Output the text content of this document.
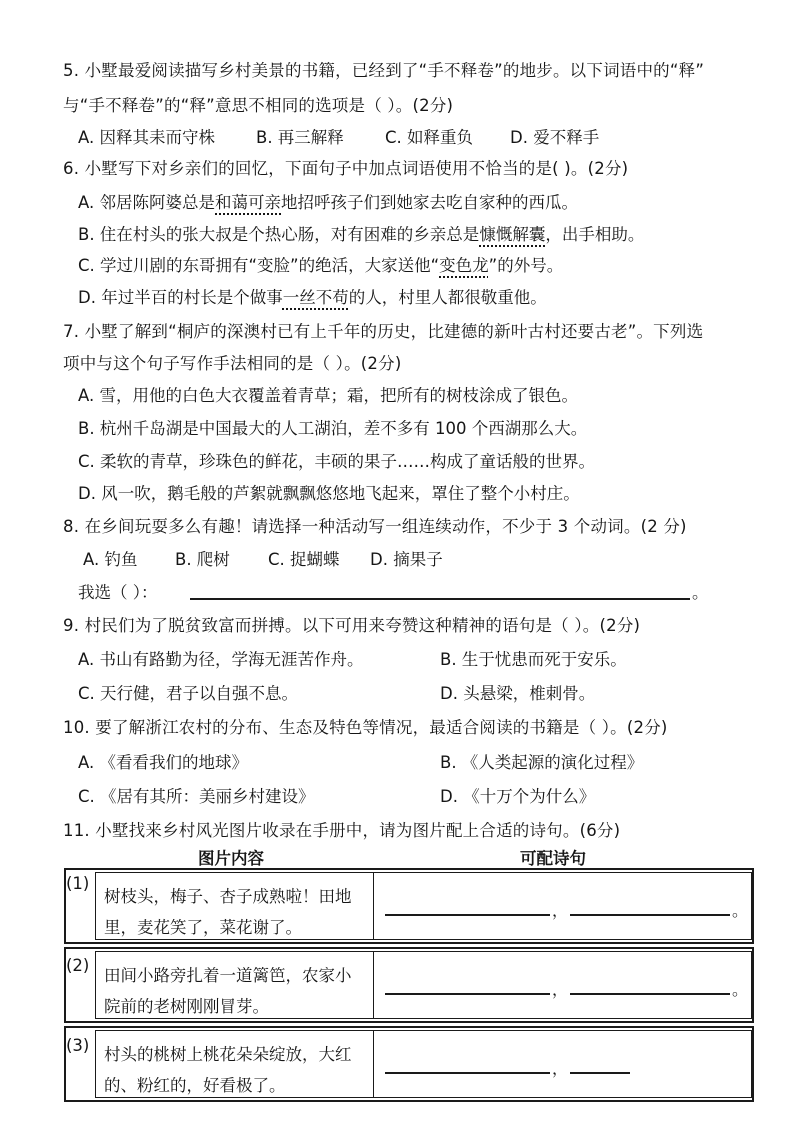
5. 小墅最爱阅读描写乡村美景的书籍，已经到了“手不释卷”的地步。以下词语中的“释”
与“手不释卷”的“释”意思不相同的选项是（ ）。(2分)
A. 因释其耒而守株 B. 再三解释 C. 如释重负 D. 爱不释手
6. 小墅写下对乡亲们的回忆，下面句子中加点词语使用不恰当的是( )。(2分)
A. 邻居陈阿婆总是和蔼可亲地招呼孩子们到她家去吃自家种的西瓜。
B. 住在村头的张大叔是个热心肠，对有困难的乡亲总是慷慨解囊，出手相助。
C. 学过川剧的东哥拥有“变脸”的绝活，大家送他“变色龙”的外号。
D. 年过半百的村长是个做事一丝不苟的人，村里人都很敬重他。
7. 小墅了解到“桐庐的深澳村已有上千年的历史，比建德的新叶古村还要古老”。下列选
项中与这个句子写作手法相同的是（ ）。(2分)
A. 雪，用他的白色大衣覆盖着青草；霜，把所有的树枝涂成了银色。
B. 杭州千岛湖是中国最大的人工湖泊，差不多有 100 个西湖那么大。
C. 柔软的青草，珍珠色的鲜花，丰硕的果子……构成了童话般的世界。
D. 风一吹，鹅毛般的芦絮就飘飘悠悠地飞起来，罩住了整个小村庄。
8. 在乡间玩耍多么有趣！请选择一种活动写一组连续动作，不少于 3 个动词。(2 分)
A. 钓鱼 B. 爬树 C. 捉蝴蝶 D. 摘果子
我选（ ）：	。
9. 村民们为了脱贫致富而拼搏。以下可用来夸赞这种精神的语句是（ ）。(2分)
A. 书山有路勤为径，学海无涯苦作舟。	B. 生于忧患而死于安乐。
C. 天行健，君子以自强不息。	D. 头悬梁，椎刺骨。
10. 要了解浙江农村的分布、生态及特色等情况，最适合阅读的书籍是（ ）。(2分)
A. 《看看我们的地球》	B. 《人类起源的演化过程》
C. 《居有其所：美丽乡村建设》	D. 《十万个为什么》
11. 小墅找来乡村风光图片收录在手册中，请为图片配上合适的诗句。(6分)
图片内容	可配诗句
(1)
树枝头，梅子、杏子成熟啦！田地里，麦花笑了，菜花谢了。
，	。
(2)
田间小路旁扎着一道篱笆，农家小院前的老树刚刚冒芽。
，	。
(3) 村头的桃树上桃花朵朵绽放，大红的、粉红的，好看极了。
，
